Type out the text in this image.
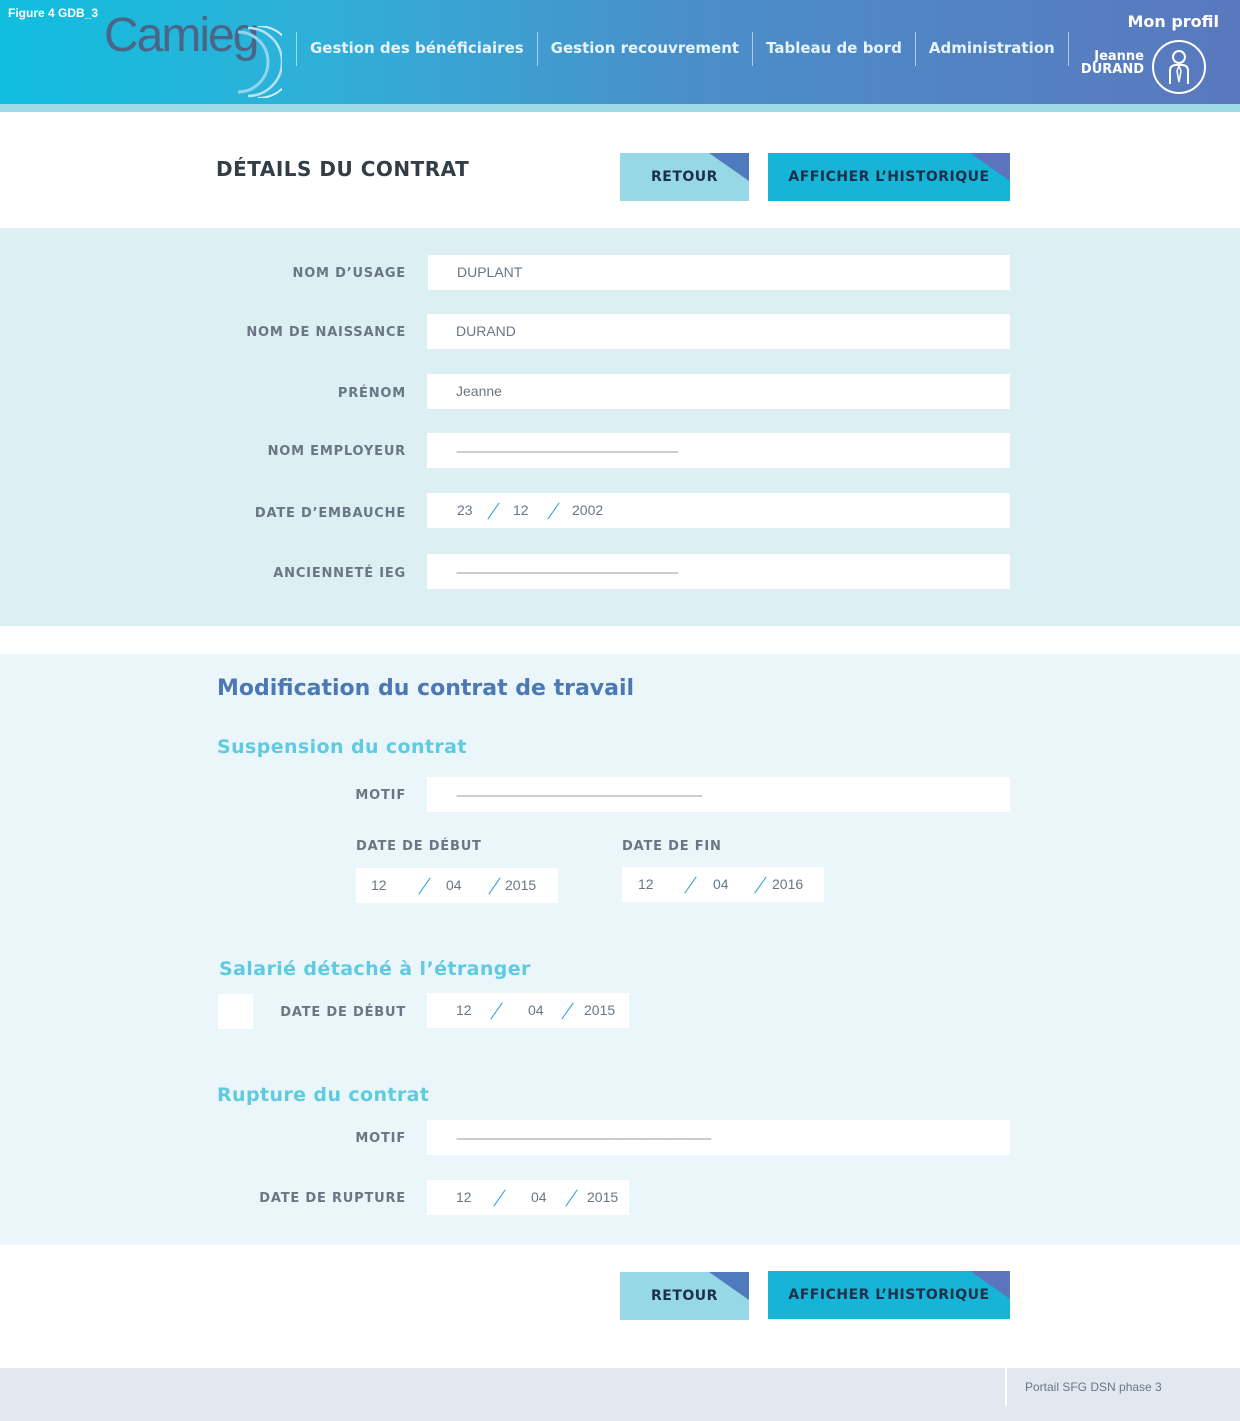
Figure 4 GDB_3 Camieg	Gestion des bénéficiaires	Gestion recouvrement	Tableau de bord	Administration
Mon profil
Jeanne
DURAND
DÉTAILS DU CONTRAT	RETOUR	AFFICHER L’HISTORIQUE
NOM D’USAGE	DUPLANT
NOM DE NAISSANCE	DURAND
PRÉNOM	Jeanne
NOM EMPLOYEUR	--------------------------------------------------------------------------
DATE D’EMBAUCHE	23	12	2002
ANCIENNETÉ IEG	--------------------------------------------------------------------------
Modification du contrat de travail
Suspension du contrat
MOTIF	----------------------------------------------------------------------------------
DATE DE DÉBUT
12	04	2015
DATE DE FIN
12	04	2016
Salarié détaché à l’étranger
DATE DE DÉBUT	12	04	2015
Rupture du contrat
MOTIF	-------------------------------------------------------------------------------------
DATE DE RUPTURE	12	04	2015
RETOUR	AFFICHER L’HISTORIQUE
Portail SFG DSN phase 3
